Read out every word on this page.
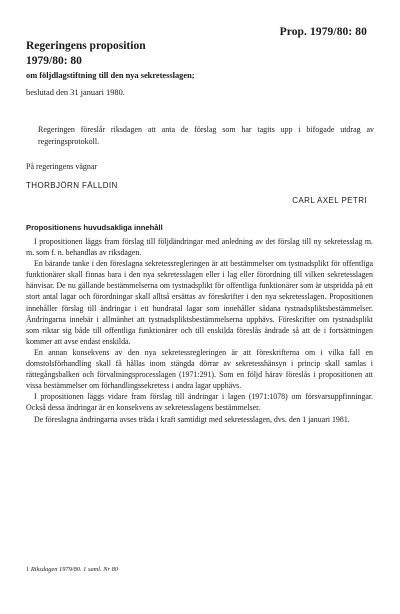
Prop. 1979/80: 80
Regeringens proposition
1979/80: 80
om följdlagstiftning till den nya sekretesslagen;
beslutad den 31 januari 1980.
Regeringen föreslår riksdagen att anta de förslag som har tagits upp i bifogade utdrag av regeringsprotokoll.
På regeringens vägnar
THORBJÖRN FÄLLDIN
CARL AXEL PETRI
Propositionens huvudsakliga innehåll

I propositionen läggs fram förslag till följdändringar med anledning av det förslag till ny sekretesslag m. m. som f. n. behandlas av riksdagen.

En bärande tanke i den föreslagna sekretessregleringen är att bestämmelser om tystnadsplikt för offentliga funktionärer skall finnas bara i den nya sekretesslagen eller i lag eller förordning till vilken sekretesslagen hänvisar. De nu gällande bestämmelserna om tystnadsplikt för offentliga funktionärer som är utspridda på ett stort antal lagar och förordningar skall alltså ersättas av föreskrifter i den nya sekretesslagen. Propositionen innehåller förslag till ändringar i ett hundratal lagar som innehåller sådana tystnadspliktsbestämmelser. Ändringarna innebär i allmänhet att tystnadspliktsbestämmelserna upphävs. Föreskrifter om tystnadsplikt som riktar sig både till offentliga funktionärer och till enskilda föreslås ändrade så att de i fortsättningen kommer att avse endast enskilda.

En annan konsekvens av den nya sekretessregleringen är att föreskrifterna om i vilka fall en domstolsförhandling skall få hållas inom stängda dörrar av sekretesshänsyn i princip skall samlas i rättegångsbalken och förvaltningsprocesslagen (1971:291). Som en följd härav föreslås i propositionen att vissa bestämmelser om förhandlingssekretess i andra lagar upphävs.

I propositionen läggs vidare fram förslag till ändringar i lagen (1971:1078) om försvarsuppfinningar. Också dessa ändringar är en konsekvens av sekretesslagens bestämmelser.

De föreslagna ändringarna avses träda i kraft samtidigt med sekretesslagen, dvs. den 1 januari 1981.

1 Riksdagen 1979/80. 1 saml. Nr 80
